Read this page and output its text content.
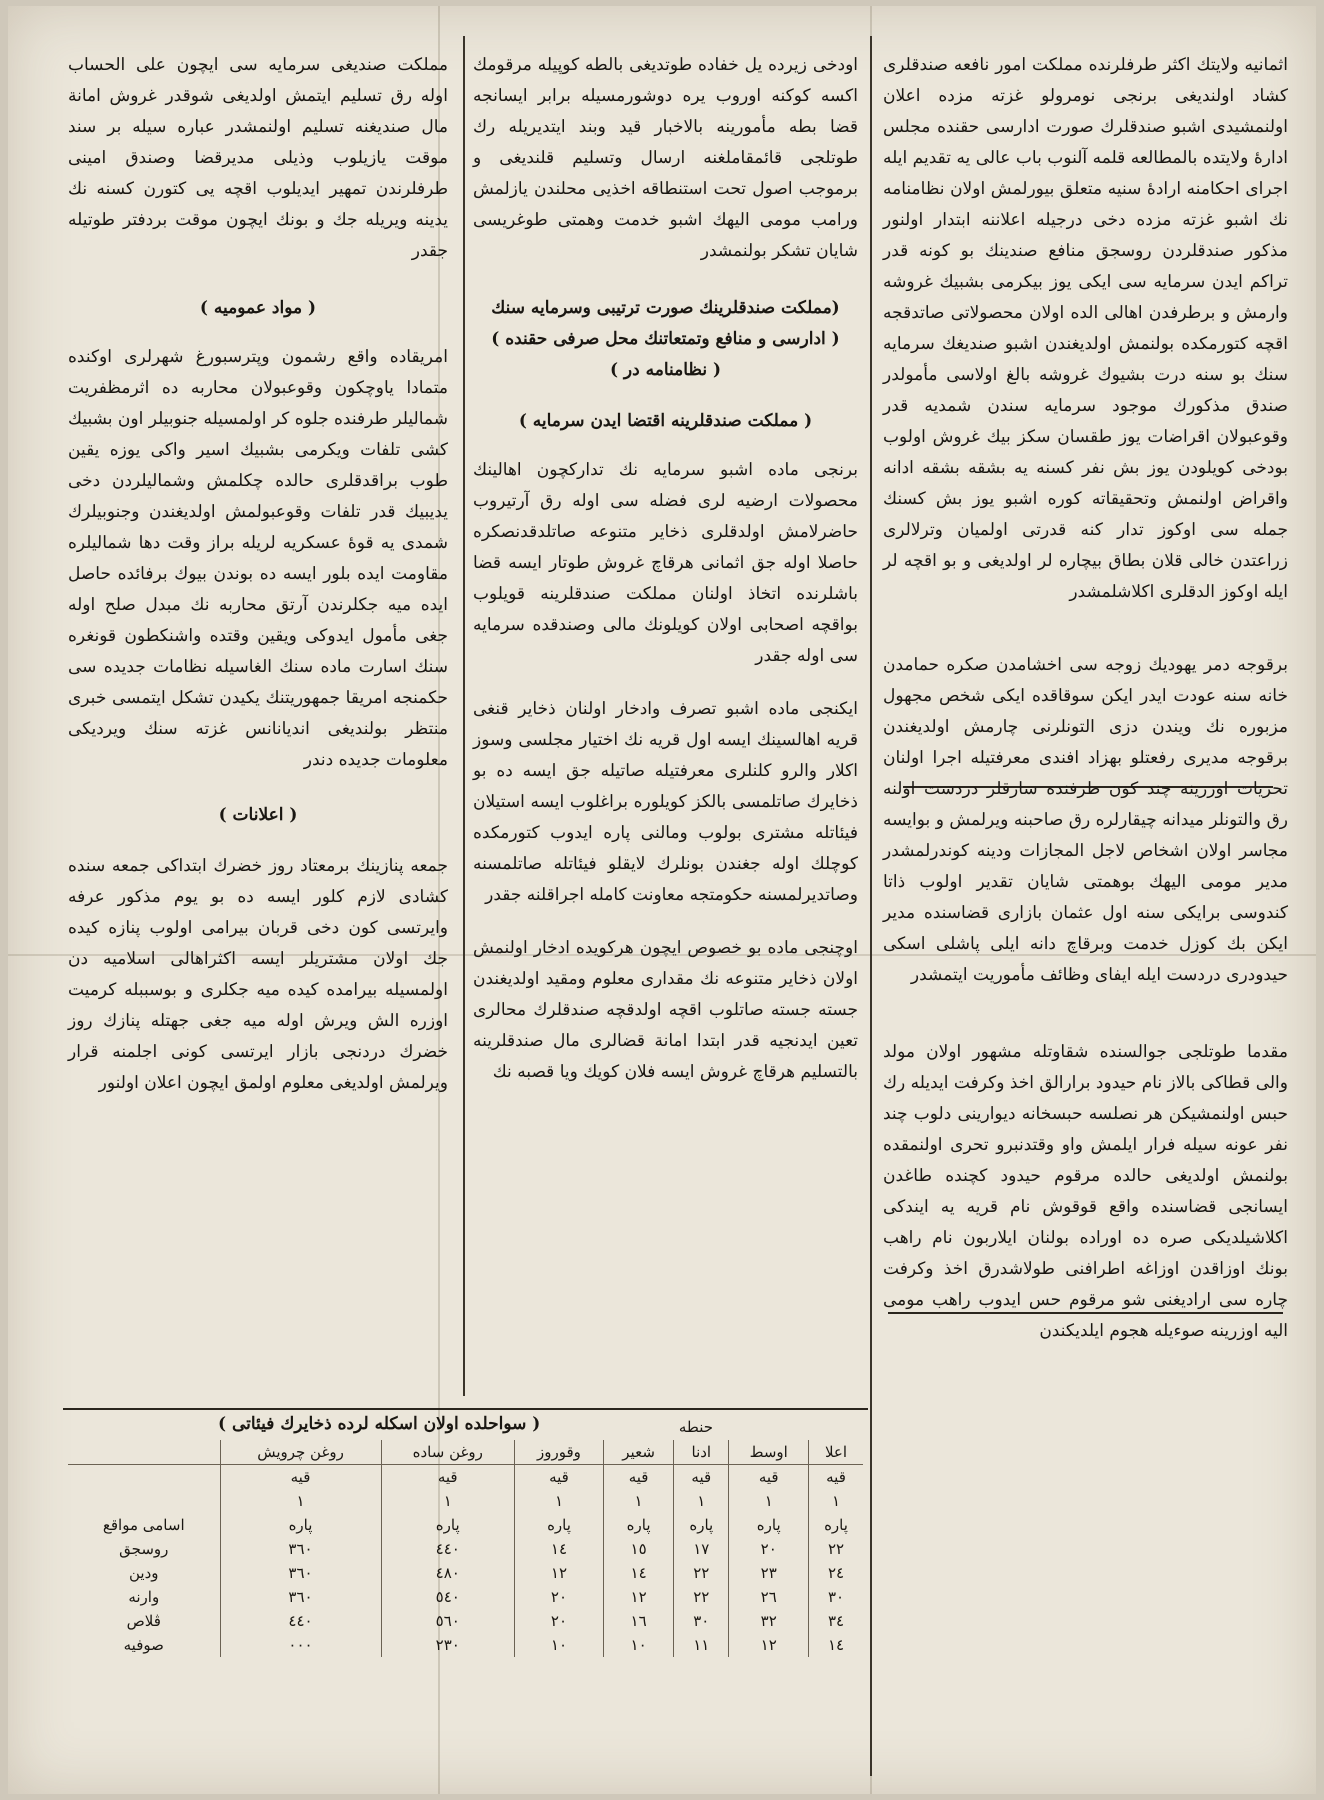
اثمانيه ولايتك اكثر طرفلرنده مملكت امور نافعه صندقلرى كشاد اولنديغى برنجى نومرولو غزته مزده اعلان اولنمشيدى اشبو صندقلرك صورت ادارسى حقنده مجلس ادارۀ ولايتده بالمطالعه قلمه آلنوب باب عالى يه تقديم ايله اجراى احكامنه ارادۀ سنيه متعلق بيورلمش اولان نظامنامه نك اشبو غزته مزده دخى درجيله اعلاننه ابتدار اولنور مذكور صندقلردن روسجق منافع صندينك بو كونه قدر تراكم ايدن سرمايه سى ايكى يوز بيكرمى بشبيك غروشه وارمش و برطرفدن اهالى الده اولان محصولاتى صاتدقجه اقچه كتورمكده بولنمش اولديغندن اشبو صنديغك سرمايه سنك بو سنه درت بشيوك غروشه بالغ اولاسى مأمولدر صندق مذكورك موجود سرمايه سندن شمديه قدر وقوعبولان اقراضات يوز طقسان سكز بيك غروش اولوب بودخى كويلودن يوز بش نفر كسنه يه بشقه بشقه ادانه واقراض اولنمش وتحقيقاته كوره اشبو يوز بش كسنك جمله سى اوكوز تدار كنه قدرتى اولميان وترلالرى زراعتدن خالى قلان بطاق بيچاره لر اولديغى و بو اقچه لر ايله اوكوز الدقلرى اكلاشلمشدر

برقوجه دمر يهوديك زوجه سى اخشامدن صكره حمامدن خانه سنه عودت ايدر ايكن سوقاقده ايكى شخص مجهول مزبوره نك ويندن دزى التونلرنى چارمش اولديغندن برقوجه مديرى رفعتلو بهزاد افندى معرفتيله اجرا اولنان تحريات اوزرينه چند كون طرفنده سارقلر دردست اولنه رق والتونلر ميدانه چيقارلره رق صاحبنه ويرلمش و بوايسه مجاسر اولان اشخاص لاجل المجازات ودينه كوندرلمشدر مدير مومى اليهك بوهمتى شايان تقدير اولوب ذاتا كندوسى برايكى سنه اول عثمان بازارى قضاسنده مدير ايكن بك كوزل خدمت وبرقاچ دانه ايلى پاشلى اسكى حيدودرى دردست ايله ايفاى وظائف مأموريت ايتمشدر

مقدما طوتلجى جوالسنده شقاوتله مشهور اولان مولد والى قطاكى بالاز نام حيدود برارالق اخذ وكرفت ايديله رك حبس اولنمشيكن هر نصلسه حبسخانه ديوارينى دلوب چند نفر عونه سيله فرار ايلمش واو وقتدنبرو تحرى اولنمقده بولنمش اولديغى حالده مرقوم حيدود كچنده طاغدن ايسانجى قضاسنده واقع قوقوش نام قريه يه ايندكى اكلاشيلديكى صره ده اوراده بولنان ايلاربون نام راهب بونك اوزاقدن اوزاغه اطرافنى طولاشدرق اخذ وكرفت چاره سى اراديغنى شو مرقوم حس ايدوب راهب مومى اليه اوزرينه صوءيله هجوم ايلديكندن

اودخى زيرده يل خفاده طوتديغى بالطه كوپيله مرقومك اكسه كوكنه اوروب يره دوشورمسيله برابر ايسانجه قضا بطه مأمورينه بالاخبار قيد وبند ايتديريله رك طوتلجى قائمقاملغنه ارسال وتسليم قلنديغى و برموجب اصول تحت استنطاقه اخذيى محلندن يازلمش ورامب مومى اليهك اشبو خدمت وهمتى طوغريسى شايان تشكر بولنمشدر

(مملكت صندقلرينك صورت ترتيبى وسرمايه سنك
( ادارسى و منافع وتمتعاتنك محل صرفى حقنده )
( نظامنامه در )
( مملكت صندقلرينه اقتضا ايدن سرمايه )

برنجى ماده اشبو سرمايه نك تداركچون اهالينك محصولات ارضيه لرى فضله سى اوله رق آرتيروب حاضرلامش اولدقلرى ذخاير متنوعه صاتلدقدنصكره حاصلا اوله جق اثمانى هرقاچ غروش طوتار ايسه قضا باشلرنده اتخاذ اولنان مملكت صندقلرينه قويلوب بواقچه اصحابى اولان كويلونك مالى وصندقده سرمايه سى اوله جقدر

ايكنجى ماده اشبو تصرف وادخار اولنان ذخاير قنغى قريه اهالسينك ايسه اول قريه نك اختيار مجلسى وسوز اكلار والرو كلنلرى معرفتيله صاتيله جق ايسه ده بو ذخايرك صاتلمسى بالكز كويلوره براغلوب ايسه استيلان فيئاتله مشترى بولوب ومالنى پاره ايدوب كتورمكده كوچلك اوله جغندن بونلرك لايقلو فيئاتله صاتلمسنه وصاتديرلمسنه حكومتجه معاونت كامله اجراقلنه جقدر

اوچنجى ماده بو خصوص ايچون هركويده ادخار اولنمش اولان ذخاير متنوعه نك مقدارى معلوم ومقيد اولديغندن جسته جسته صاتلوب اقچه اولدقچه صندقلرك محالرى تعين ايدنجيه قدر ابتدا امانة قضالرى مال صندقلرينه بالتسليم هرقاچ غروش ايسه فلان كويك ويا قصبه نك

مملكت صنديغى سرمايه سى ايچون على الحساب اوله رق تسليم ايتمش اولديغى شوقدر غروش امانة مال صنديغنه تسليم اولنمشدر عباره سيله بر سند موقت يازيلوب وذيلى مديرقضا وصندق امينى طرفلرندن تمهير ايديلوب اقچه يى كتورن كسنه نك يدينه ويريله جك و بونك ايچون موقت بردفتر طوتيله جقدر

( مواد عموميه )

امريقاده واقع رشمون وپترسبورغ شهرلرى اوكنده متمادا ياوچكون وقوعبولان محاربه ده اثرمظفريت شماليلر طرفنده جلوه كر اولمسيله جنوبيلر اون بشبيك كشى تلفات ويكرمى بشبيك اسير واكى يوزه يقين طوب براقدقلرى حالده چكلمش وشماليلردن دخى يديبيك قدر تلفات وقوعبولمش اولديغندن وجنوبيلرك شمدى يه قوۀ عسكريه لريله براز وقت دها شماليلره مقاومت ايده بلور ايسه ده بوندن بيوك برفائده حاصل ايده ميه جكلرندن آرتق محاربه نك مبدل صلح اوله جغى مأمول ايدوكى ويقين وقتده واشنكطون قونغره سنك اسارت ماده سنك الغاسيله نظامات جديده سى حكمنجه امريقا جمهوريتنك يكيدن تشكل ايتمسى خبرى منتظر بولنديغى انديانانس غزته سنك ويرديكى معلومات جديده دندر

( اعلانات )

جمعه پنازينك برمعتاد روز خضرك ابتداكى جمعه سنده كشادى لازم كلور ايسه ده بو يوم مذكور عرفه وايرتسى كون دخى قربان بيرامى اولوب پنازه كيده جك اولان مشتريلر ايسه اكثراهالى اسلاميه دن اولمسيله بيرامده كيده ميه جكلرى و بوسببله كرميت اوزره الش ويرش اوله ميه جغى جهتله پنازك روز خضرك دردنجى بازار ايرتسى كونى اجلمنه قرار ويرلمش اولديغى معلوم اولمق ايچون اعلان اولنور

حنطه
( سواحلده اولان اسكله لرده ذخايرك فيئاتى )
اعلا	اوسط	ادنا	شعير	وقوروز	روغن ساده	روغن چرويش	
قيه	قيه	قيه	قيه	قيه	قيه	قيه	
١	١	١	١	١	١	١	
پاره	پاره	پاره	پاره	پاره	پاره	پاره	اسامى مواقع
٢٢	٢٠	١٧	١٥	١٤	٤٤٠	٣٦٠	روسجق
٢٤	٢٣	٢٢	١٤	١٢	٤٨٠	٣٦٠	ودين
٣٠	٢٦	٢٢	١٢	٢٠	٥٤٠	٣٦٠	وارنه
٣٤	٣٢	٣٠	١٦	٢٠	٥٦٠	٤٤٠	ڤلاص
١٤	١٢	١١	١٠	١٠	٢٣٠	٠٠٠	صوفيه
